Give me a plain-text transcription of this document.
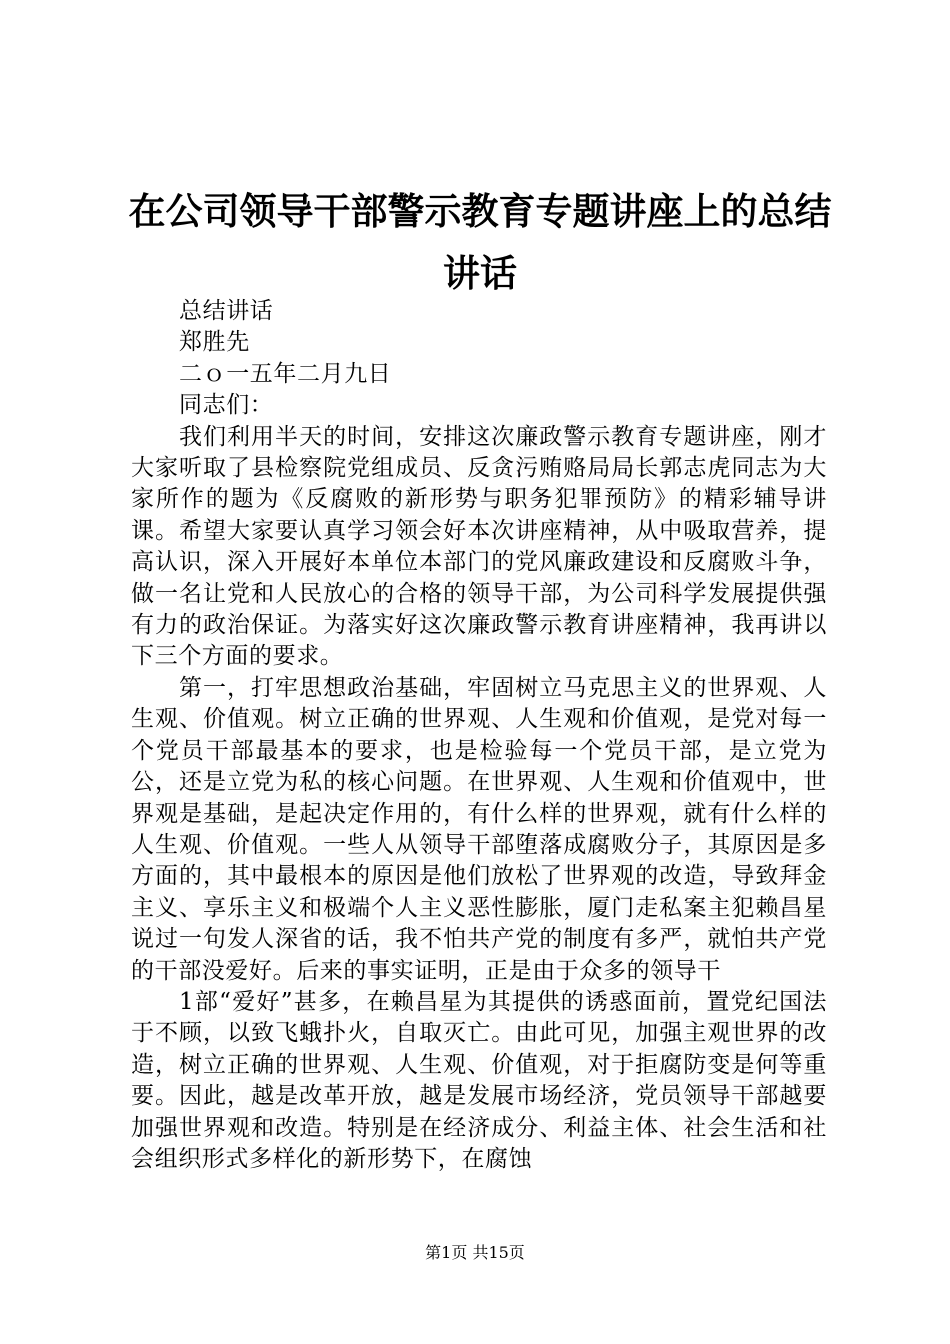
在公司领导干部警示教育专题讲座上的总结讲话

总结讲话

郑胜先

二ｏ一五年二月九日

同志们：

我们利用半天的时间，安排这次廉政警示教育专题讲座，刚才大家听取了县检察院党组成员、反贪污贿赂局局长郭志虎同志为大家所作的题为《反腐败的新形势与职务犯罪预防》的精彩辅导讲课。希望大家要认真学习领会好本次讲座精神，从中吸取营养，提高认识，深入开展好本单位本部门的党风廉政建设和反腐败斗争，做一名让党和人民放心的合格的领导干部，为公司科学发展提供强有力的政治保证。为落实好这次廉政警示教育讲座精神，我再讲以下三个方面的要求。

第一，打牢思想政治基础，牢固树立马克思主义的世界观、人生观、价值观。树立正确的世界观、人生观和价值观，是党对每一个党员干部最基本的要求，也是检验每一个党员干部，是立党为公，还是立党为私的核心问题。在世界观、人生观和价值观中，世界观是基础，是起决定作用的，有什么样的世界观，就有什么样的人生观、价值观。一些人从领导干部堕落成腐败分子，其原因是多方面的，其中最根本的原因是他们放松了世界观的改造，导致拜金主义、享乐主义和极端个人主义恶性膨胀，厦门走私案主犯赖昌星说过一句发人深省的话，我不怕共产党的制度有多严，就怕共产党的干部没爱好。后来的事实证明，正是由于众多的领导干

1部“爱好”甚多，在赖昌星为其提供的诱惑面前，置党纪国法于不顾，以致飞蛾扑火，自取灭亡。由此可见，加强主观世界的改造，树立正确的世界观、人生观、价值观，对于拒腐防变是何等重要。因此，越是改革开放，越是发展市场经济，党员领导干部越要加强世界观和改造。特别是在经济成分、利益主体、社会生活和社会组织形式多样化的新形势下，在腐蚀

第1页 共15页
